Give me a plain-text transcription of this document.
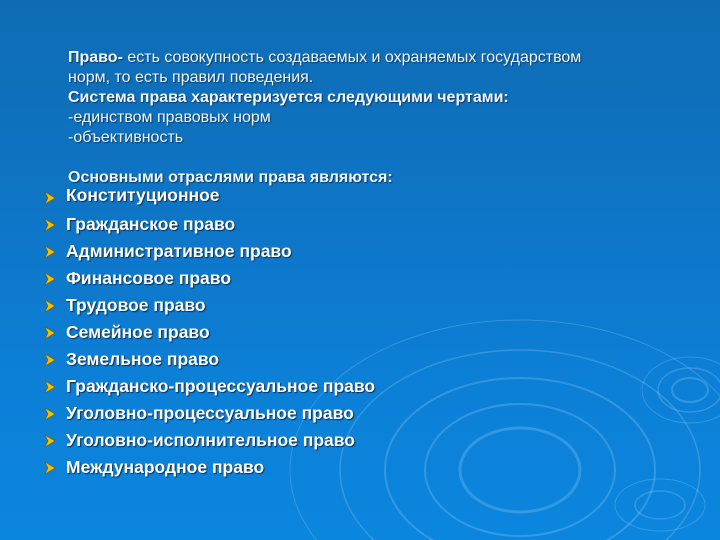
Право- есть совокупность создаваемых и охраняемых государством

норм, то есть правил поведения.

Система права характеризуется следующими чертами:

-единством правовых норм

-объективность

Основными отраслями права являются:

Конституционное
Гражданское право
Административное право
Финансовое право
Трудовое право
Семейное право
Земельное право
Гражданско-процессуальное право
Уголовно-процессуальное право
Уголовно-исполнительное право
Международное право
